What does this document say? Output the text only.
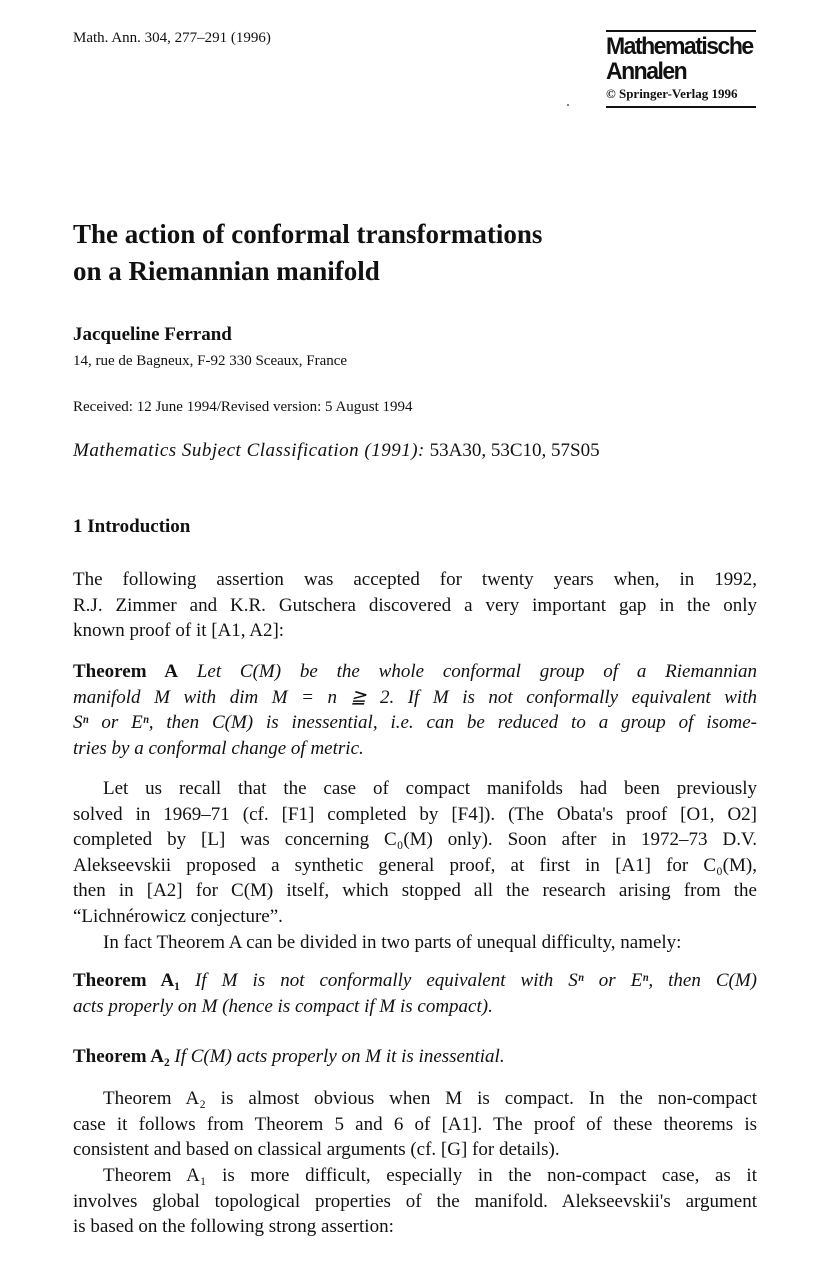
Math. Ann. 304, 277–291 (1996)	Mathematische
Annalen
© Springer-Verlag 1996
The action of conformal transformations
on a Riemannian manifold
Jacqueline Ferrand
14, rue de Bagneux, F-92 330 Sceaux, France
Received: 12 June 1994/Revised version: 5 August 1994
Mathematics Subject Classification (1991): 53A30, 53C10, 57S05
1 Introduction
The following assertion was accepted for twenty years when, in 1992,
R.J. Zimmer and K.R. Gutschera discovered a very important gap in the only
known proof of it [A1, A2]:
Theorem A Let C(M) be the whole conformal group of a Riemannian
manifold M with dim M = n ≧ 2. If M is not conformally equivalent with
Sⁿ or Eⁿ, then C(M) is inessential, i.e. can be reduced to a group of isome-
tries by a conformal change of metric.
Let us recall that the case of compact manifolds had been previously
solved in 1969–71 (cf. [F1] completed by [F4]). (The Obata's proof [O1, O2]
completed by [L] was concerning C₀(M) only). Soon after in 1972–73 D.V.
Alekseevskii proposed a synthetic general proof, at first in [A1] for C₀(M),
then in [A2] for C(M) itself, which stopped all the research arising from the
“Lichnérowicz conjecture”.
In fact Theorem A can be divided in two parts of unequal difficulty, namely:
Theorem A₁ If M is not conformally equivalent with Sⁿ or Eⁿ, then C(M)
acts properly on M (hence is compact if M is compact).
Theorem A₂ If C(M) acts properly on M it is inessential.
Theorem A₂ is almost obvious when M is compact. In the non-compact
case it follows from Theorem 5 and 6 of [A1]. The proof of these theorems is
consistent and based on classical arguments (cf. [G] for details).
Theorem A₁ is more difficult, especially in the non-compact case, as it
involves global topological properties of the manifold. Alekseevskii's argument
is based on the following strong assertion:
